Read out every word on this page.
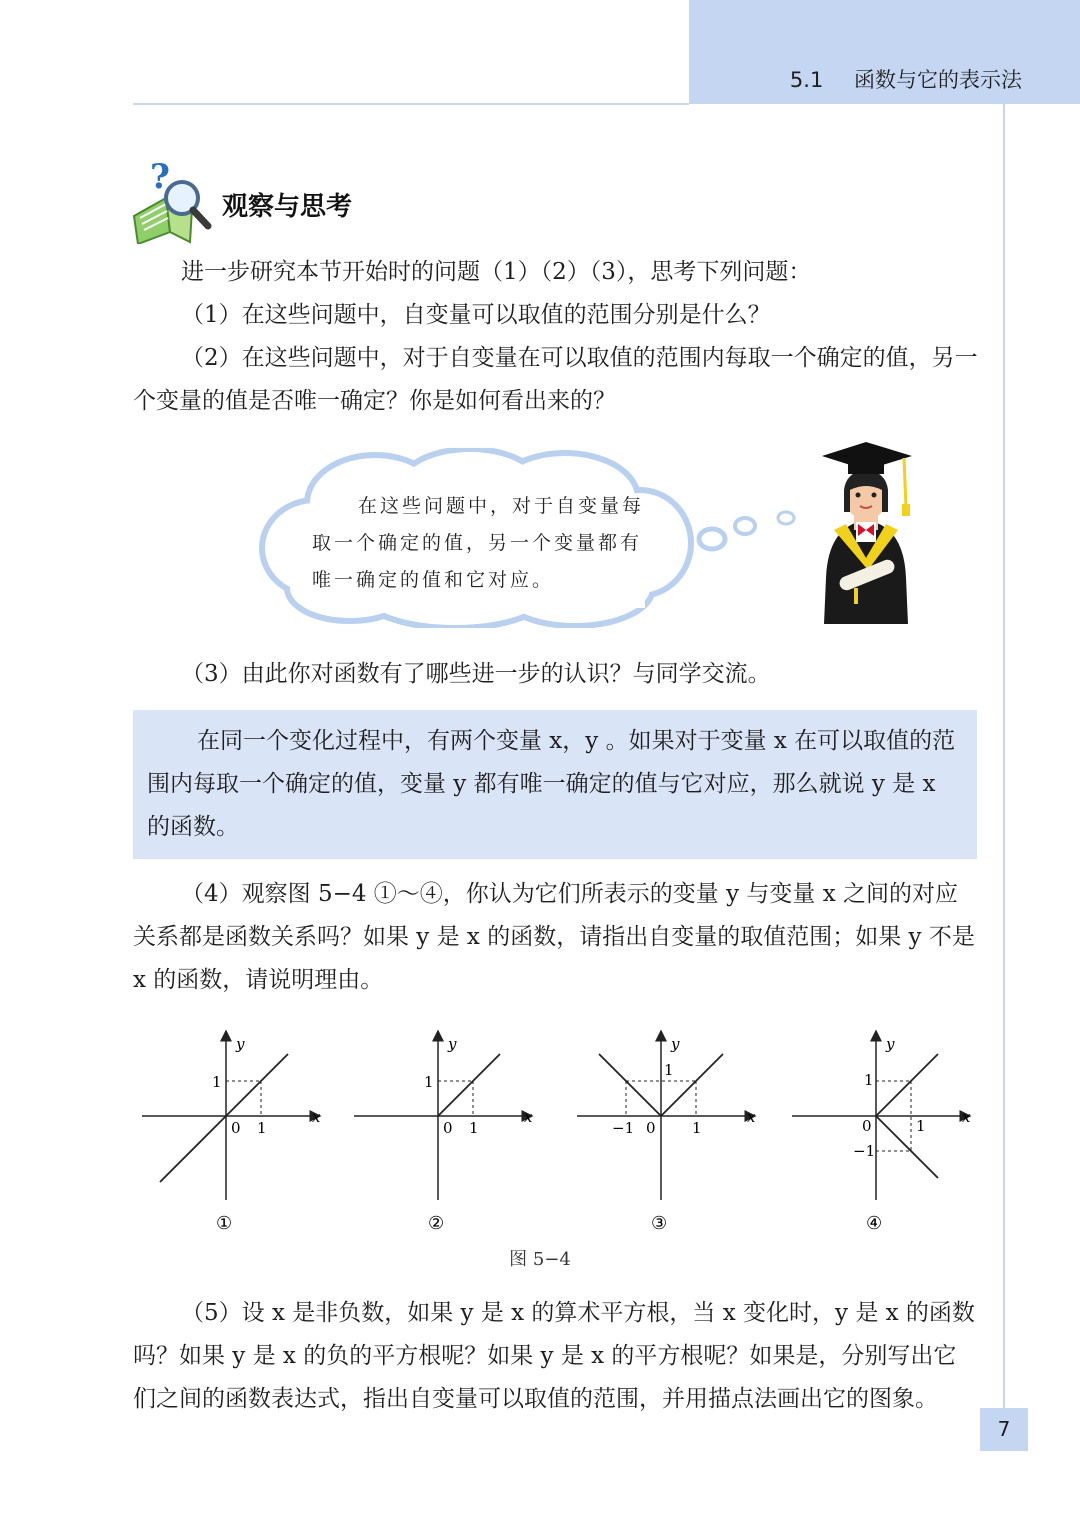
5.1 函数与它的表示法
?
观察与思考

进一步研究本节开始时的问题（1）（2）（3），思考下列问题：

（1）在这些问题中，自变量可以取值的范围分别是什么？

（2）在这些问题中，对于自变量在可以取值的范围内每取一个确定的值，另一个变量的值是否唯一确定？你是如何看出来的？

在这些问题中，对于自变量每取一个确定的值，另一个变量都有唯一确定的值和它对应。

（3）由此你对函数有了哪些进一步的认识？与同学交流。

在同一个变化过程中，有两个变量 x，y 。如果对于变量 x 在可以取值的范围内每取一个确定的值，变量 y 都有唯一确定的值与它对应，那么就说 y 是 x 的函数。

（4）观察图 5−4 ①～④，你认为它们所表示的变量 y 与变量 x 之间的对应关系都是函数关系吗？如果 y 是 x 的函数，请指出自变量的取值范围；如果 y 不是 x 的函数，请说明理由。

y
x
1
0 1
①
y
x
1
0 1
②
y
x
1
0
−1	1
③
y
x
1
−1
0	1
④
图 5−4

（5）设 x 是非负数，如果 y 是 x 的算术平方根，当 x 变化时，y 是 x 的函数吗？如果 y 是 x 的负的平方根呢？如果 y 是 x 的平方根呢？如果是，分别写出它们之间的函数表达式，指出自变量可以取值的范围，并用描点法画出它的图象。

7
